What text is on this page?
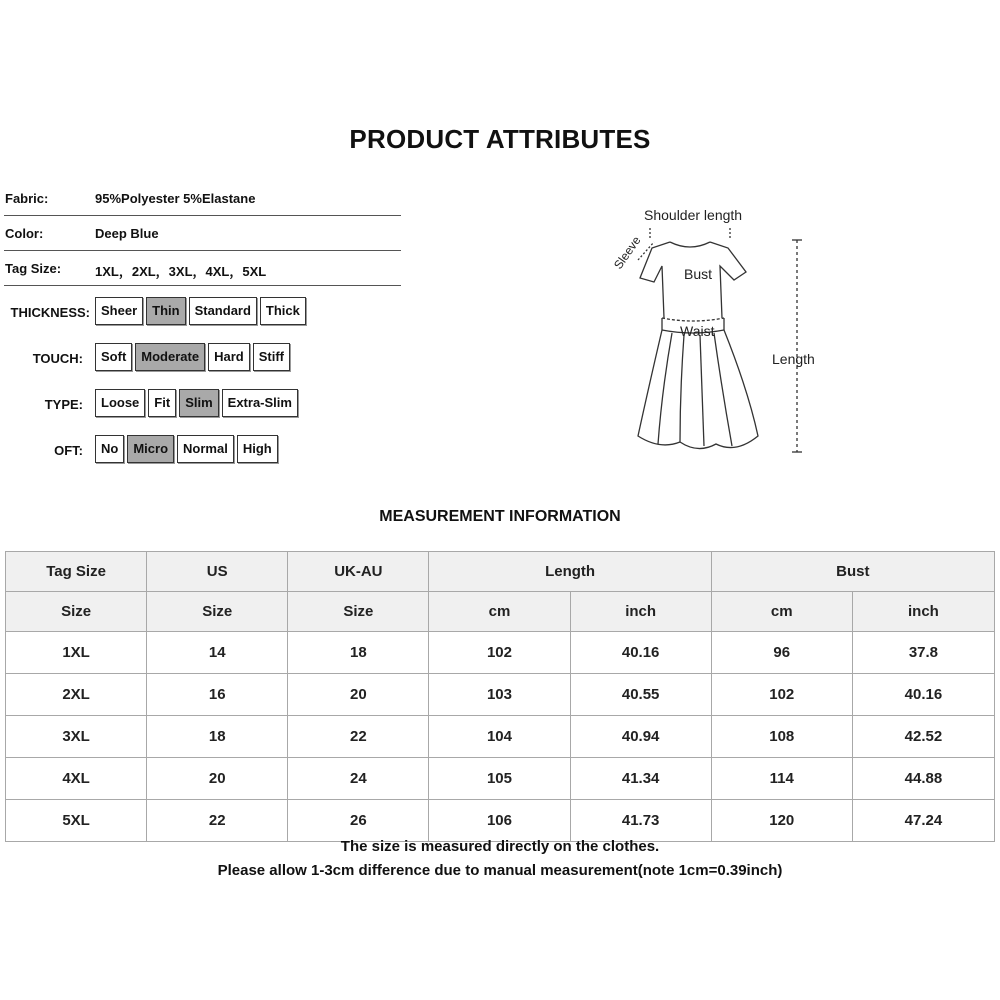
PRODUCT ATTRIBUTES
Fabric:	95%Polyester 5%Elastane
Color:	Deep Blue
Tag Size:	1XL，2XL，3XL，4XL，5XL
THICKNESS: Sheer	Thin	Standard	Thick
TOUCH:	Soft	Moderate	Hard	Stiff
TYPE:	Loose	Fit	Slim	Extra-Slim
OFT:	No	Micro	Normal	High
Shoulder length
Sleeve
Bust
Waist
Length
MEASUREMENT INFORMATION
Tag Size	US	UK-AU	Length		Bust	
Size	Size	Size	cm	inch	cm	inch
1XL	14	18	102	40.16	96	37.8
2XL	16	20	103	40.55	102	40.16
3XL	18	22	104	40.94	108	42.52
4XL	20	24	105	41.34	114	44.88
5XL	22	26	106	41.73	120	47.24
The size is measured directly on the clothes.
Please allow 1-3cm difference due to manual measurement(note 1cm=0.39inch)
